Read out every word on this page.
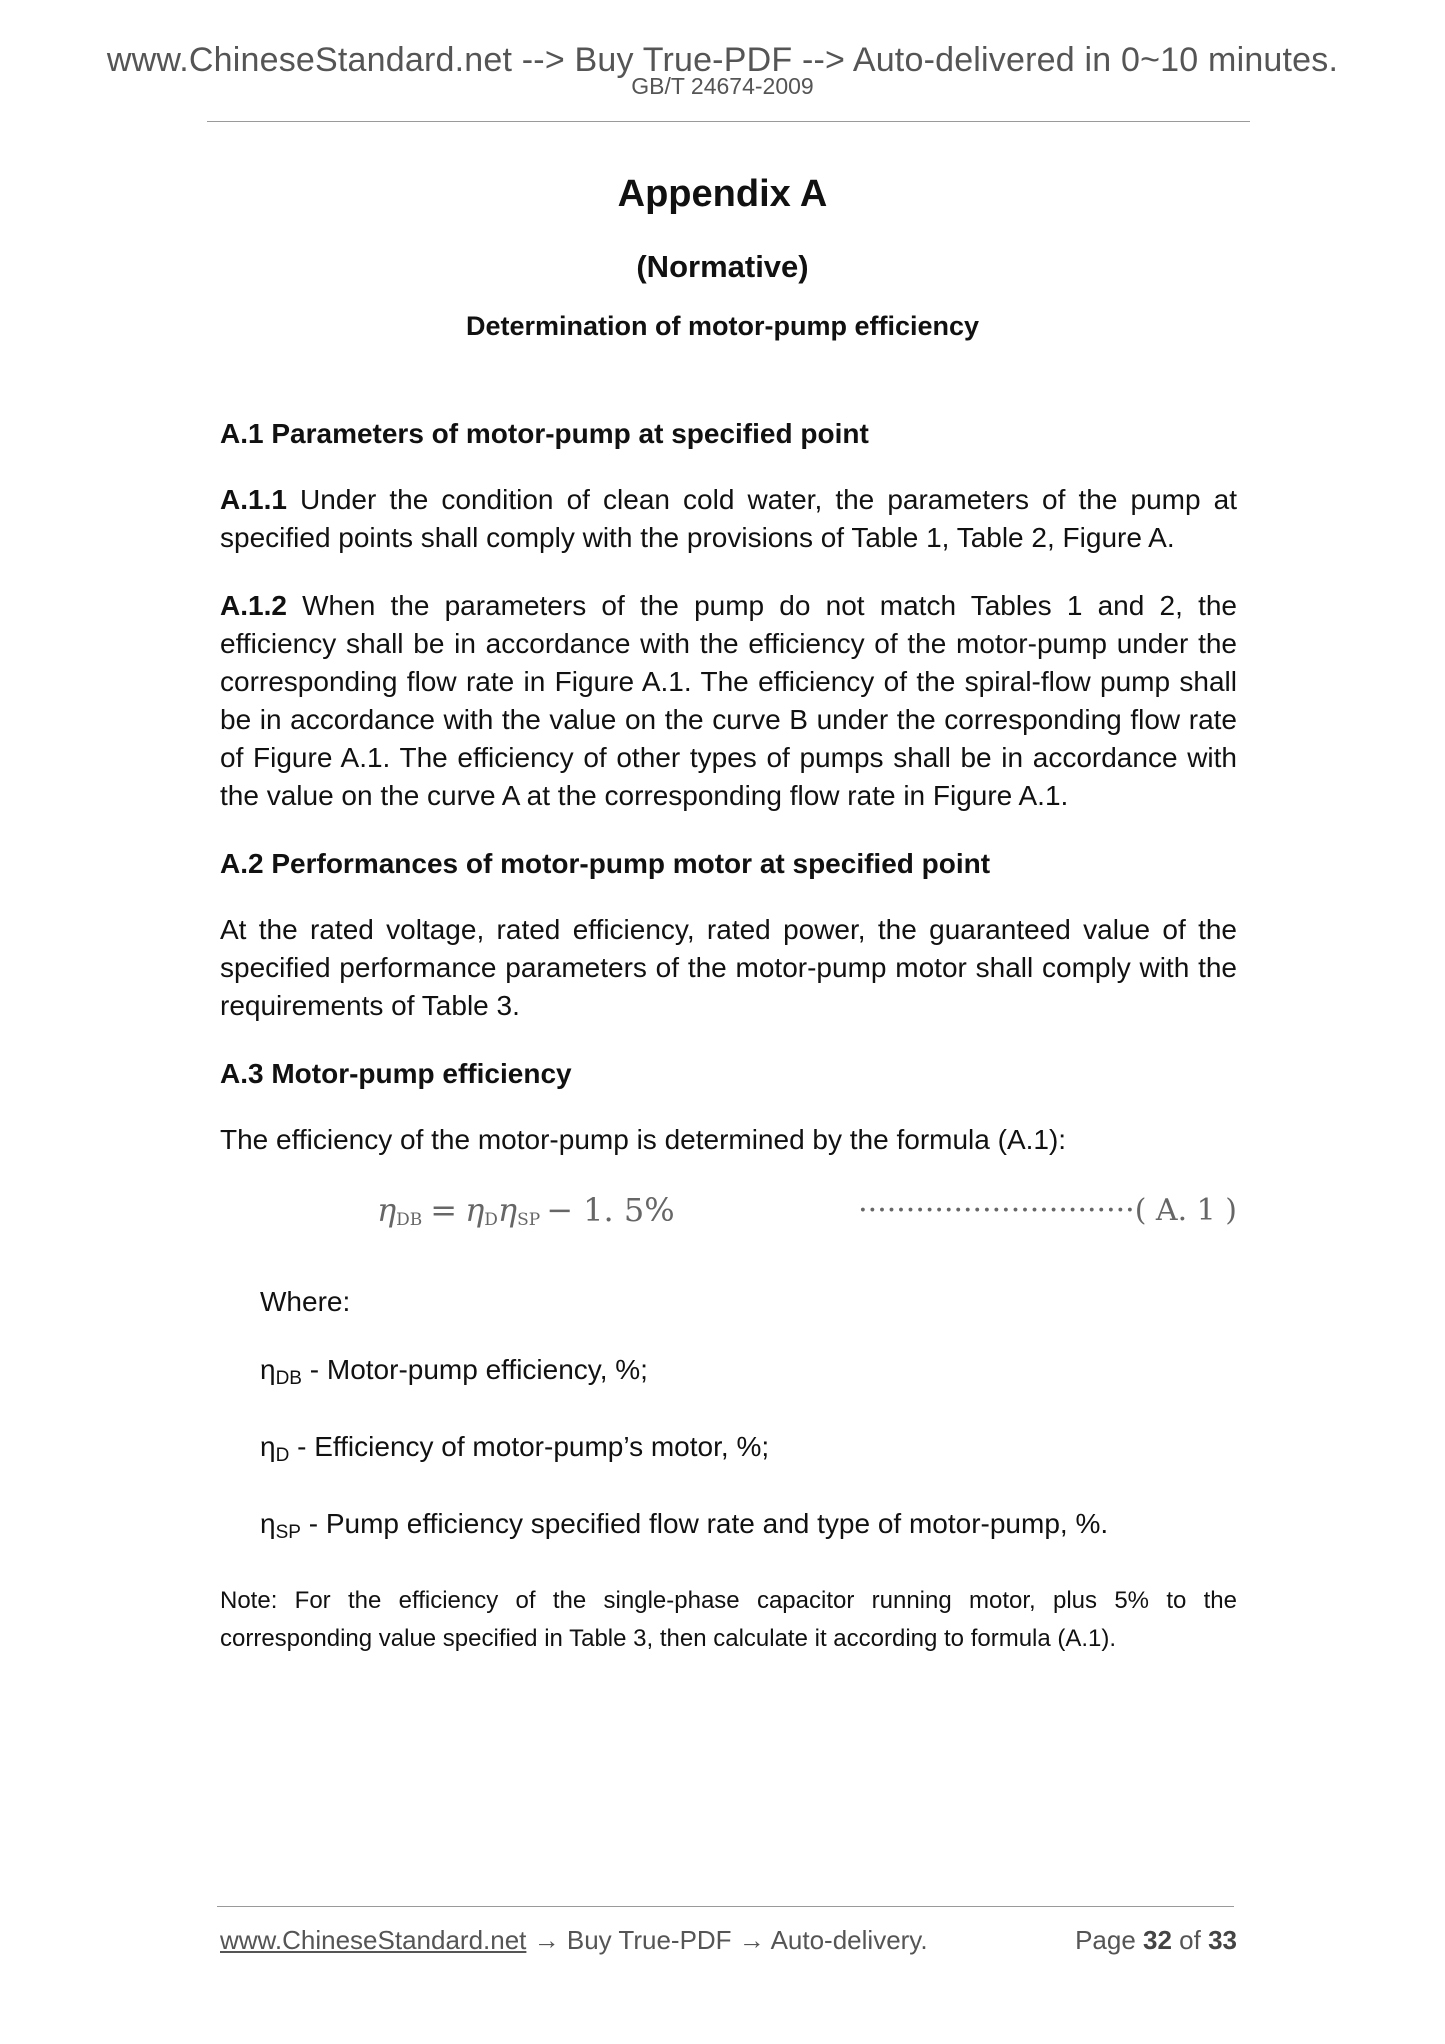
www.ChineseStandard.net --> Buy True-PDF --> Auto-delivered in 0~10 minutes.
GB/T 24674-2009
Appendix A
(Normative)
Determination of motor-pump efficiency
A.1 Parameters of motor-pump at specified point
A.1.1 Under the condition of clean cold water, the parameters of the pump at specified points shall comply with the provisions of Table 1, Table 2, Figure A.
A.1.2 When the parameters of the pump do not match Tables 1 and 2, the efficiency shall be in accordance with the efficiency of the motor-pump under the corresponding flow rate in Figure A.1. The efficiency of the spiral-flow pump shall be in accordance with the value on the curve B under the corresponding flow rate of Figure A.1. The efficiency of other types of pumps shall be in accordance with the value on the curve A at the corresponding flow rate in Figure A.1.
A.2 Performances of motor-pump motor at specified point
At the rated voltage, rated efficiency, rated power, the guaranteed value of the specified performance parameters of the motor-pump motor shall comply with the requirements of Table 3.
A.3 Motor-pump efficiency
The efficiency of the motor-pump is determined by the formula (A.1):
ηDB = ηDηSP − 1. 5%	·····························( A. 1 )
Where:
ηDB - Motor-pump efficiency, %;
ηD - Efficiency of motor-pump’s motor, %;
ηSP - Pump efficiency specified flow rate and type of motor-pump, %.
Note: For the efficiency of the single-phase capacitor running motor, plus 5% to the corresponding value specified in Table 3, then calculate it according to formula (A.1).
www.ChineseStandard.net → Buy True-PDF → Auto-delivery.	Page 32 of 33
